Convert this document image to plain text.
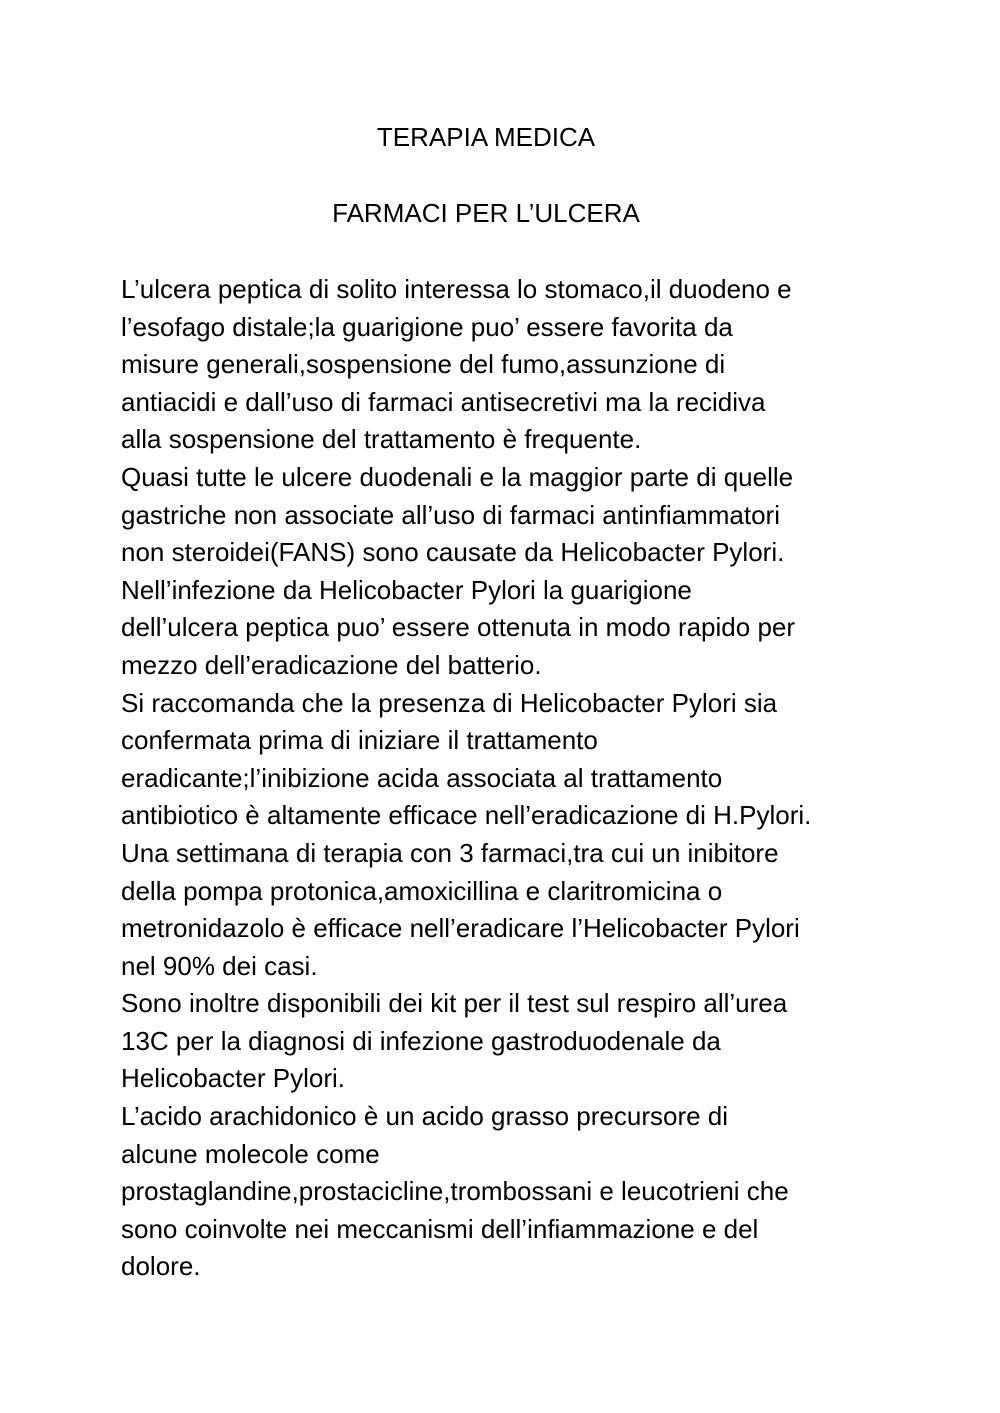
TERAPIA MEDICA
FARMACI PER L’ULCERA
L’ulcera peptica di solito interessa lo stomaco,il duodeno e
l’esofago distale;la guarigione puo’ essere favorita da
misure generali,sospensione del fumo,assunzione di
antiacidi e dall’uso di farmaci antisecretivi ma la recidiva
alla sospensione del trattamento è frequente.
Quasi tutte le ulcere duodenali e la maggior parte di quelle
gastriche non associate all’uso di farmaci antinfiammatori
non steroidei(FANS) sono causate da Helicobacter Pylori.
Nell’infezione da Helicobacter Pylori la guarigione
dell’ulcera peptica puo’ essere ottenuta in modo rapido per
mezzo dell’eradicazione del batterio.
Si raccomanda che la presenza di Helicobacter Pylori sia
confermata prima di iniziare il trattamento
eradicante;l’inibizione acida associata al trattamento
antibiotico è altamente efficace nell’eradicazione di H.Pylori.
Una settimana di terapia con 3 farmaci,tra cui un inibitore
della pompa protonica,amoxicillina e claritromicina o
metronidazolo è efficace nell’eradicare l’Helicobacter Pylori
nel 90% dei casi.
Sono inoltre disponibili dei kit per il test sul respiro all’urea
13C per la diagnosi di infezione gastroduodenale da
Helicobacter Pylori.
L’acido arachidonico è un acido grasso precursore di
alcune molecole come
prostaglandine,prostacicline,trombossani e leucotrieni che
sono coinvolte nei meccanismi dell’infiammazione e del
dolore.
